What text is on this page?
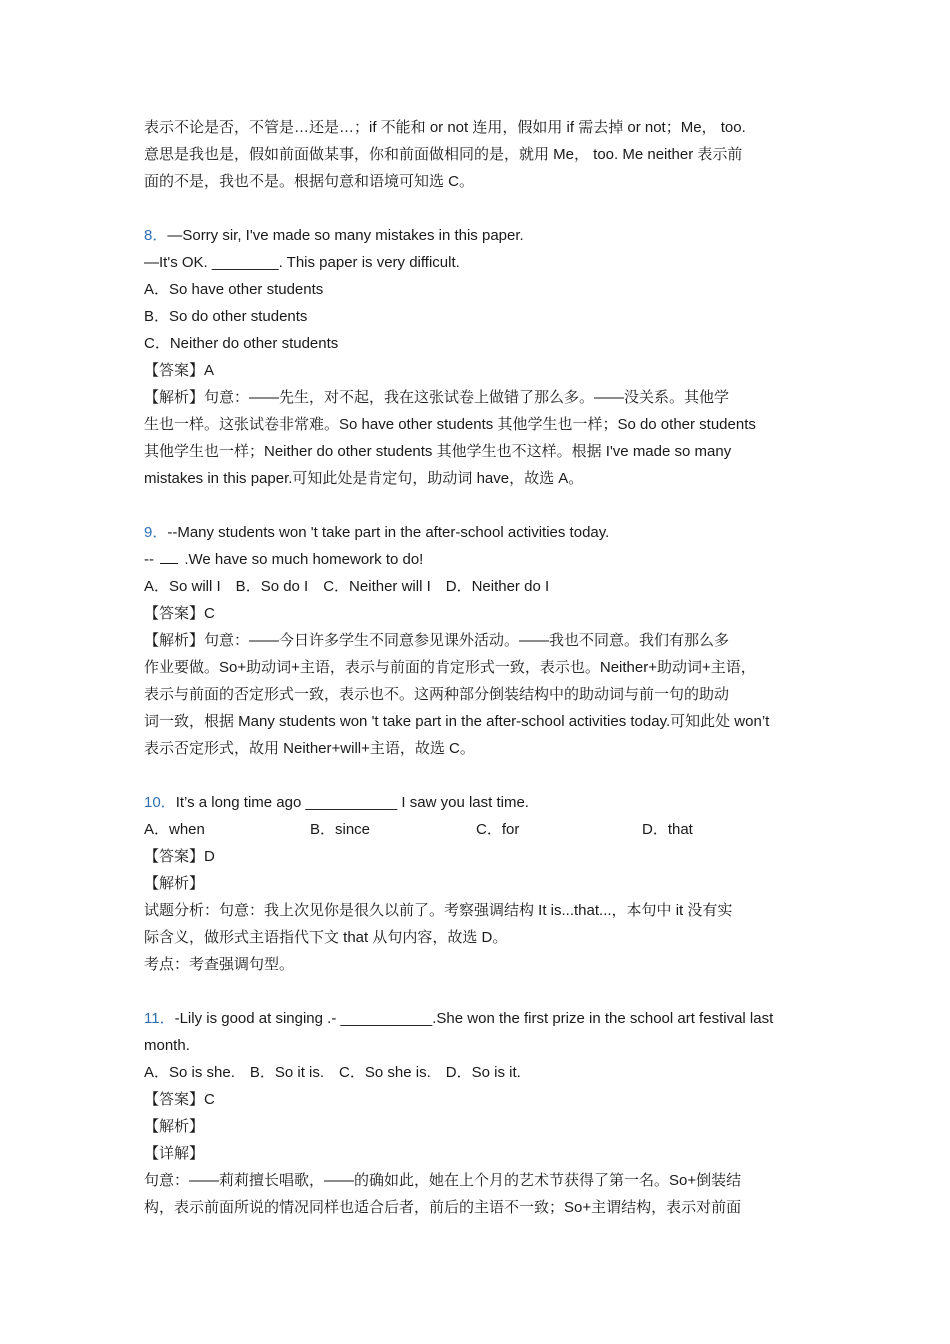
表示不论是否，不管是…还是…；if 不能和 or not 连用，假如用 if 需去掉 or not；Me， too.

意思是我也是，假如前面做某事，你和前面做相同的是，就用 Me， too. Me neither 表示前

面的不是，我也不是。根据句意和语境可知选 C。

8．—Sorry sir, I've made so many mistakes in this paper.

—It's OK. ________. This paper is very difficult.

A．So have other students

B．So do other students

C．Neither do other students

【答案】A

【解析】句意：——先生，对不起，我在这张试卷上做错了那么多。——没关系。其他学

生也一样。这张试卷非常难。So have other students 其他学生也一样；So do other students

其他学生也一样；Neither do other students 其他学生也不这样。根据 I've made so many

mistakes in this paper.可知此处是肯定句，助动词 have，故选 A。

9．--Many students won 't take part in the after-school activities today.

-- .We have so much homework to do!

A．So will I　B．So do I　C．Neither will I　D．Neither do I

【答案】C

【解析】句意：——今日许多学生不同意参见课外活动。——我也不同意。我们有那么多

作业要做。So+助动词+主语，表示与前面的肯定形式一致，表示也。Neither+助动词+主语，

表示与前面的否定形式一致，表示也不。这两种部分倒装结构中的助动词与前一句的助动

词一致，根据 Many students won 't take part in the after-school activities today.可知此处 won’t

表示否定形式，故用 Neither+will+主语，故选 C。

10．It’s a long time ago ___________ I saw you last time.

A．when	B．since	C．for	D．that

【答案】D

【解析】

试题分析：句意：我上次见你是很久以前了。考察强调结构 It is...that...，本句中 it 没有实

际含义，做形式主语指代下文 that 从句内容，故选 D。

考点：考查强调句型。

11．-Lily is good at singing .- ___________.She won the first prize in the school art festival last

month.

A．So is she.　B．So it is.　C．So she is.　D．So is it.

【答案】C

【解析】

【详解】

句意：——莉莉擅长唱歌，——的确如此，她在上个月的艺术节获得了第一名。So+倒装结

构，表示前面所说的情况同样也适合后者，前后的主语不一致；So+主谓结构，表示对前面
